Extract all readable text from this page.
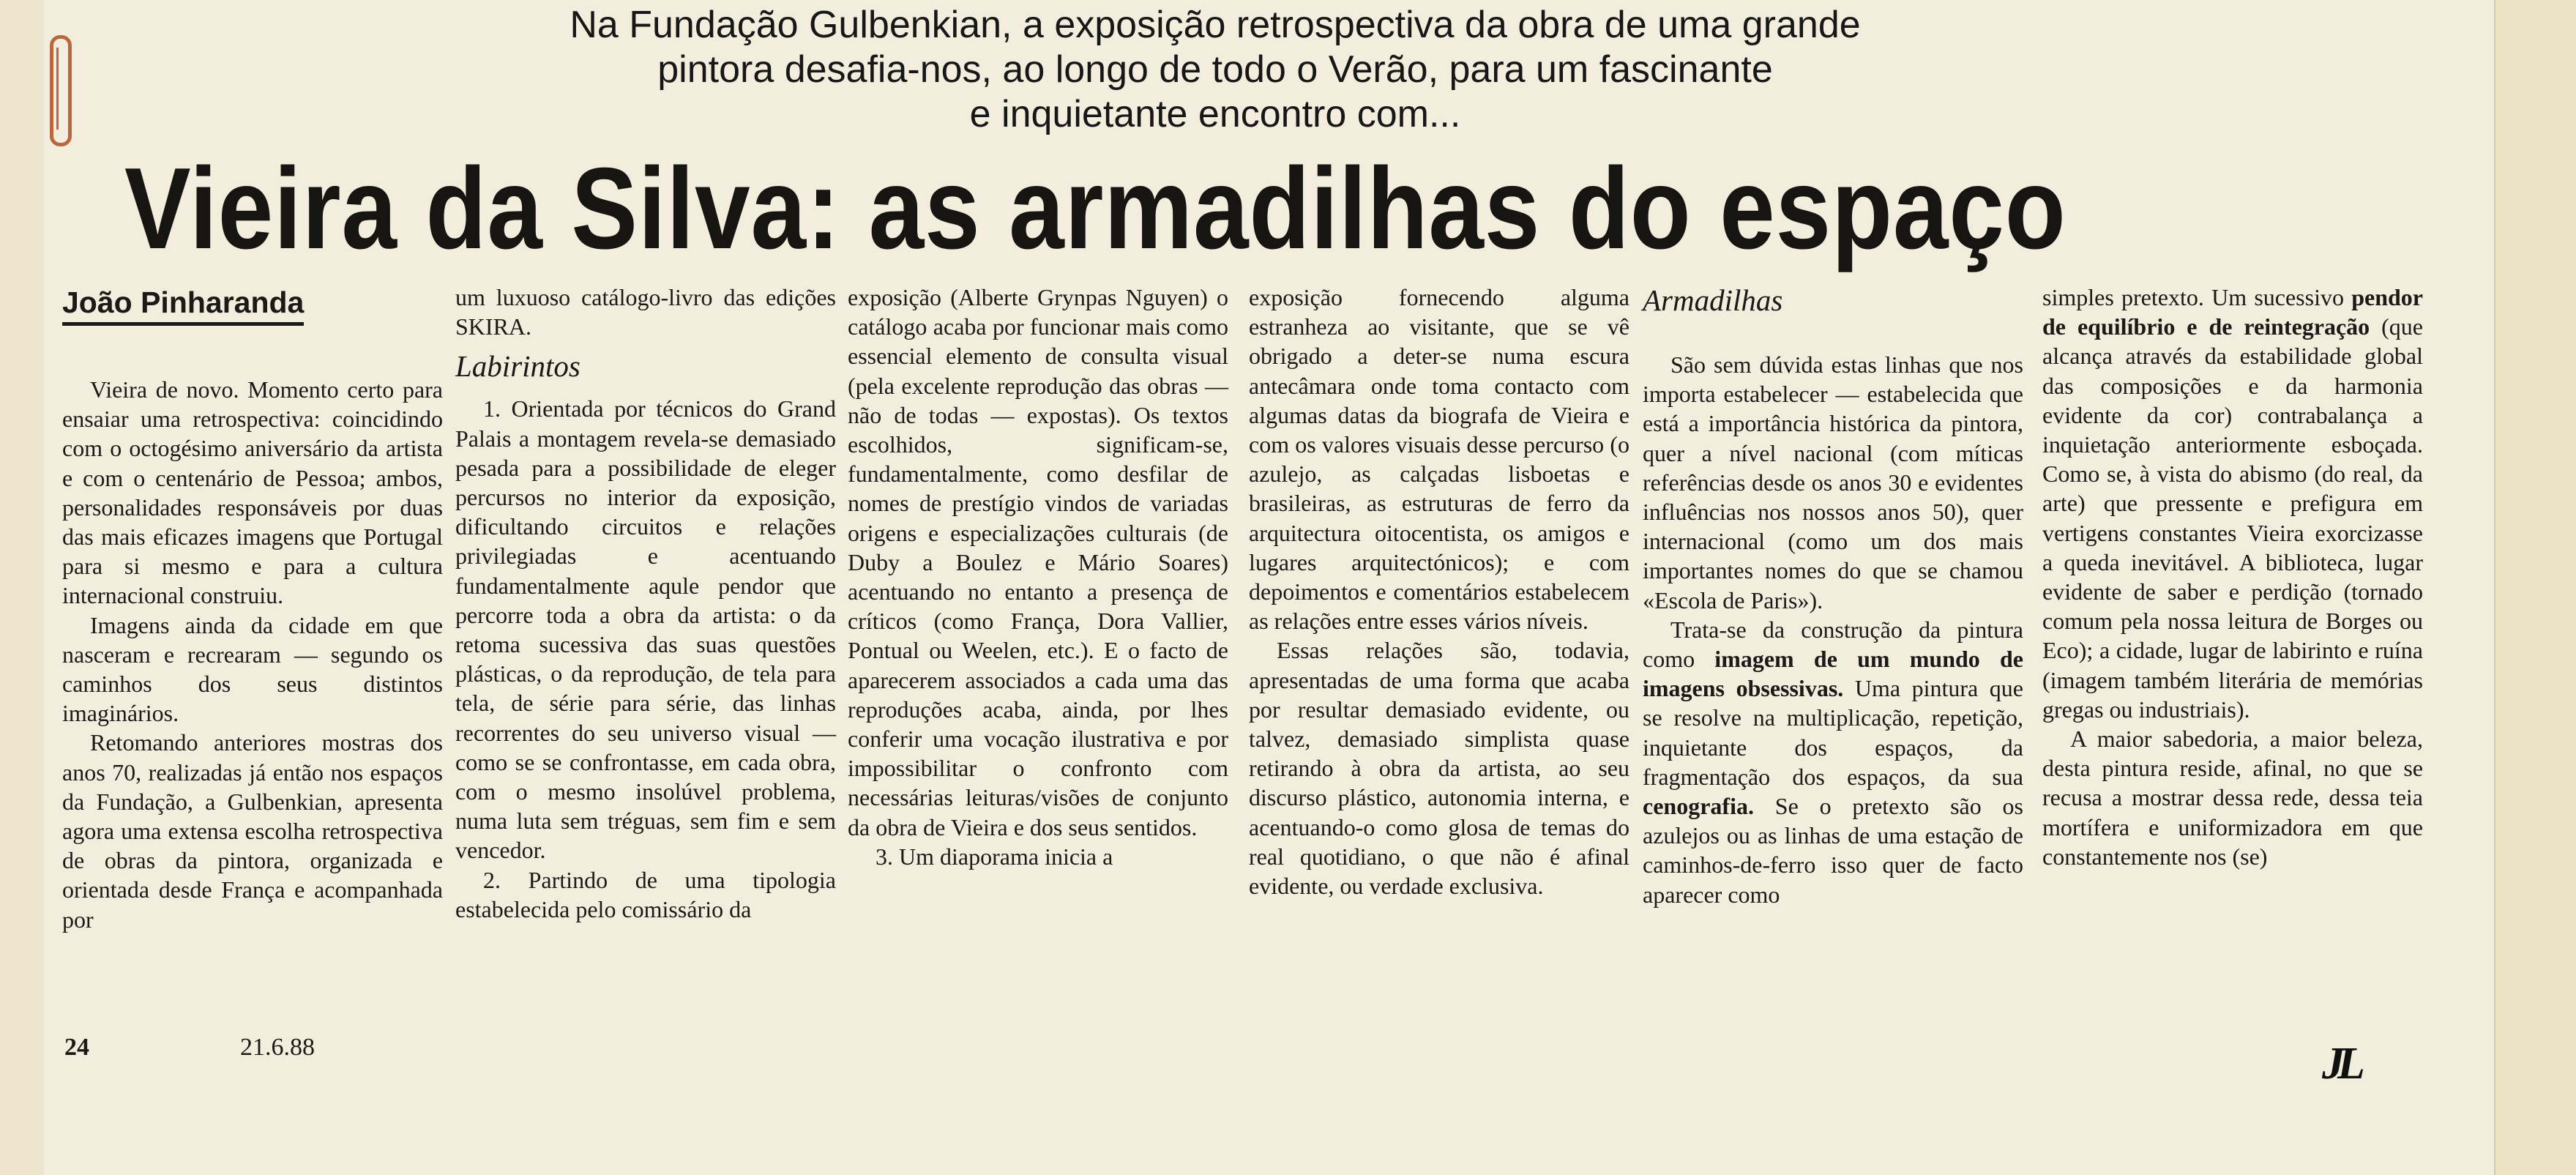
Na Fundação Gulbenkian, a exposição retrospectiva da obra de uma grande
pintora desafia-nos, ao longo de todo o Verão, para um fascinante
e inquietante encontro com...
Vieira da Silva: as armadilhas do espaço
João Pinharanda

Vieira de novo. Momento certo para ensaiar uma retrospectiva: coincidindo com o octogésimo aniversário da artista e com o centenário de Pessoa; ambos, personalidades responsáveis por duas das mais eficazes imagens que Portugal para si mesmo e para a cultura internacional construiu.

Imagens ainda da cidade em que nasceram e recrearam — segundo os caminhos dos seus distintos imaginários.

Retomando anteriores mostras dos anos 70, realizadas já então nos espaços da Fundação, a Gulbenkian, apresenta agora uma extensa escolha retrospectiva de obras da pintora, organizada e orientada desde França e acompanhada por

um luxuoso catálogo-livro das edições SKIRA.

Labirintos

1. Orientada por técnicos do Grand Palais a montagem revela-se demasiado pesada para a possibilidade de eleger percursos no interior da exposição, dificultando circuitos e relações privilegiadas e acentuando fundamentalmente aqule pendor que percorre toda a obra da artista: o da retoma sucessiva das suas questões plásticas, o da reprodução, de tela para tela, de série para série, das linhas recorrentes do seu universo visual — como se se confrontasse, em cada obra, com o mesmo insolúvel problema, numa luta sem tréguas, sem fim e sem vencedor.

2. Partindo de uma tipologia estabelecida pelo comissário da

exposição (Alberte Grynpas Nguyen) o catálogo acaba por funcionar mais como essencial elemento de consulta visual (pela excelente reprodução das obras — não de todas — expostas). Os textos escolhidos, significam-se, fundamentalmente, como desfilar de nomes de prestígio vindos de variadas origens e especializações culturais (de Duby a Boulez e Mário Soares) acentuando no entanto a presença de críticos (como França, Dora Vallier, Pontual ou Weelen, etc.). E o facto de aparecerem associados a cada uma das reproduções acaba, ainda, por lhes conferir uma vocação ilustrativa e por impossibilitar o confronto com necessárias leituras/visões de conjunto da obra de Vieira e dos seus sentidos.

3. Um diaporama inicia a

exposição fornecendo alguma estranheza ao visitante, que se vê obrigado a deter-se numa escura antecâmara onde toma contacto com algumas datas da biografa de Vieira e com os valores visuais desse percurso (o azulejo, as calçadas lisboetas e brasileiras, as estruturas de ferro da arquitectura oitocentista, os amigos e lugares arquitectónicos); e com depoimentos e comentários estabelecem as relações entre esses vários níveis.

Essas relações são, todavia, apresentadas de uma forma que acaba por resultar demasiado evidente, ou talvez, demasiado simplista quase retirando à obra da artista, ao seu discurso plástico, autonomia interna, e acentuando-o como glosa de temas do real quotidiano, o que não é afinal evidente, ou verdade exclusiva.

Armadilhas

São sem dúvida estas linhas que nos importa estabelecer — estabelecida que está a importância histórica da pintora, quer a nível nacional (com míticas referências desde os anos 30 e evidentes influências nos nossos anos 50), quer internacional (como um dos mais importantes nomes do que se chamou «Escola de Paris»).

Trata-se da construção da pintura como imagem de um mundo de imagens obsessivas. Uma pintura que se resolve na multiplicação, repetição, inquietante dos espaços, da fragmentação dos espaços, da sua cenografia. Se o pretexto são os azulejos ou as linhas de uma estação de caminhos-de-ferro isso quer de facto aparecer como

simples pretexto. Um sucessivo pendor de equilíbrio e de reintegração (que alcança através da estabilidade global das composições e da harmonia evidente da cor) contrabalança a inquietação anteriormente esboçada. Como se, à vista do abismo (do real, da arte) que pressente e prefigura em vertigens constantes Vieira exorcizasse a queda inevitável. A biblioteca, lugar evidente de saber e perdição (tornado comum pela nossa leitura de Borges ou Eco); a cidade, lugar de labirinto e ruína (imagem também literária de memórias gregas ou industriais).

A maior sabedoria, a maior beleza, desta pintura reside, afinal, no que se recusa a mostrar dessa rede, dessa teia mortífera e uniformizadora em que constantemente nos (se)

24	21.6.88	JL
